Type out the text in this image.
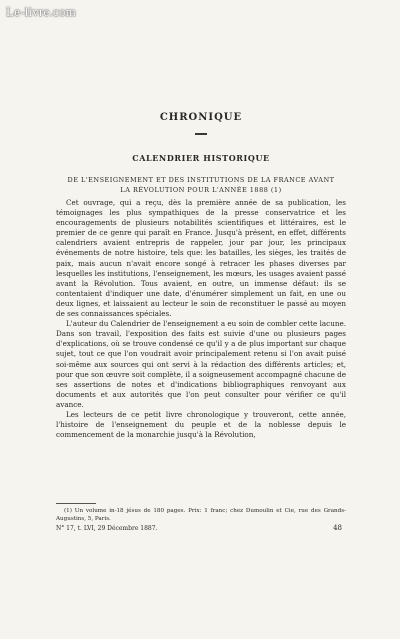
Le-livre.com
CHRONIQUE
CALENDRIER HISTORIQUE
DE L'ENSEIGNEMENT ET DES INSTITUTIONS DE LA FRANCE AVANT LA RÉVOLUTION POUR L'ANNÉE 1888 (1)

Cet ouvrage, qui a reçu, dès la première année de sa publication, les témoignages les plus sympathiques de la presse conservatrice et les encouragements de plusieurs notabilités scientifiques et littéraires, est le premier de ce genre qui paraît en France. Jusqu'à présent, en effet, différents calendriers avaient entrepris de rappeler, jour par jour, les principaux événements de notre histoire, tels que: les batailles, les sièges, les traités de paix, mais aucun n'avait encore songé à retracer les phases diverses par lesquelles les institutions, l'enseignement, les mœurs, les usages avaient passé avant la Révolution. Tous avaient, en outre, un immense défaut: ils se contentaient d'indiquer une date, d'énumérer simplement un fait, en une ou deux lignes, et laissaient au lecteur le soin de reconstituer le passé au moyen de ses connaissances spéciales.

L'auteur du Calendrier de l'enseignement a eu soin de combler cette lacune. Dans son travail, l'exposition des faits est suivie d'une ou plusieurs pages d'explications, où se trouve condensé ce qu'il y a de plus important sur chaque sujet, tout ce que l'on voudrait avoir principalement retenu si l'on avait puisé soi-même aux sources qui ont servi à la rédaction des différents articles; et, pour que son œuvre soit complète, il a soigneusement accompagné chacune de ses assertions de notes et d'indications bibliographiques renvoyant aux documents et aux autorités que l'on peut consulter pour vérifier ce qu'il avance.

Les lecteurs de ce petit livre chronologique y trouveront, cette année, l'histoire de l'enseignement du peuple et de la noblesse depuis le commencement de la monarchie jusqu'à la Révolution,

(1) Un volume in-18 jésus de 180 pages. Prix: 1 franc; chez Dumoulin et Cie, rue des Grands-Augustins, 5, Paris.

N° 17, t. LVI, 29 Décembre 1887.	48
